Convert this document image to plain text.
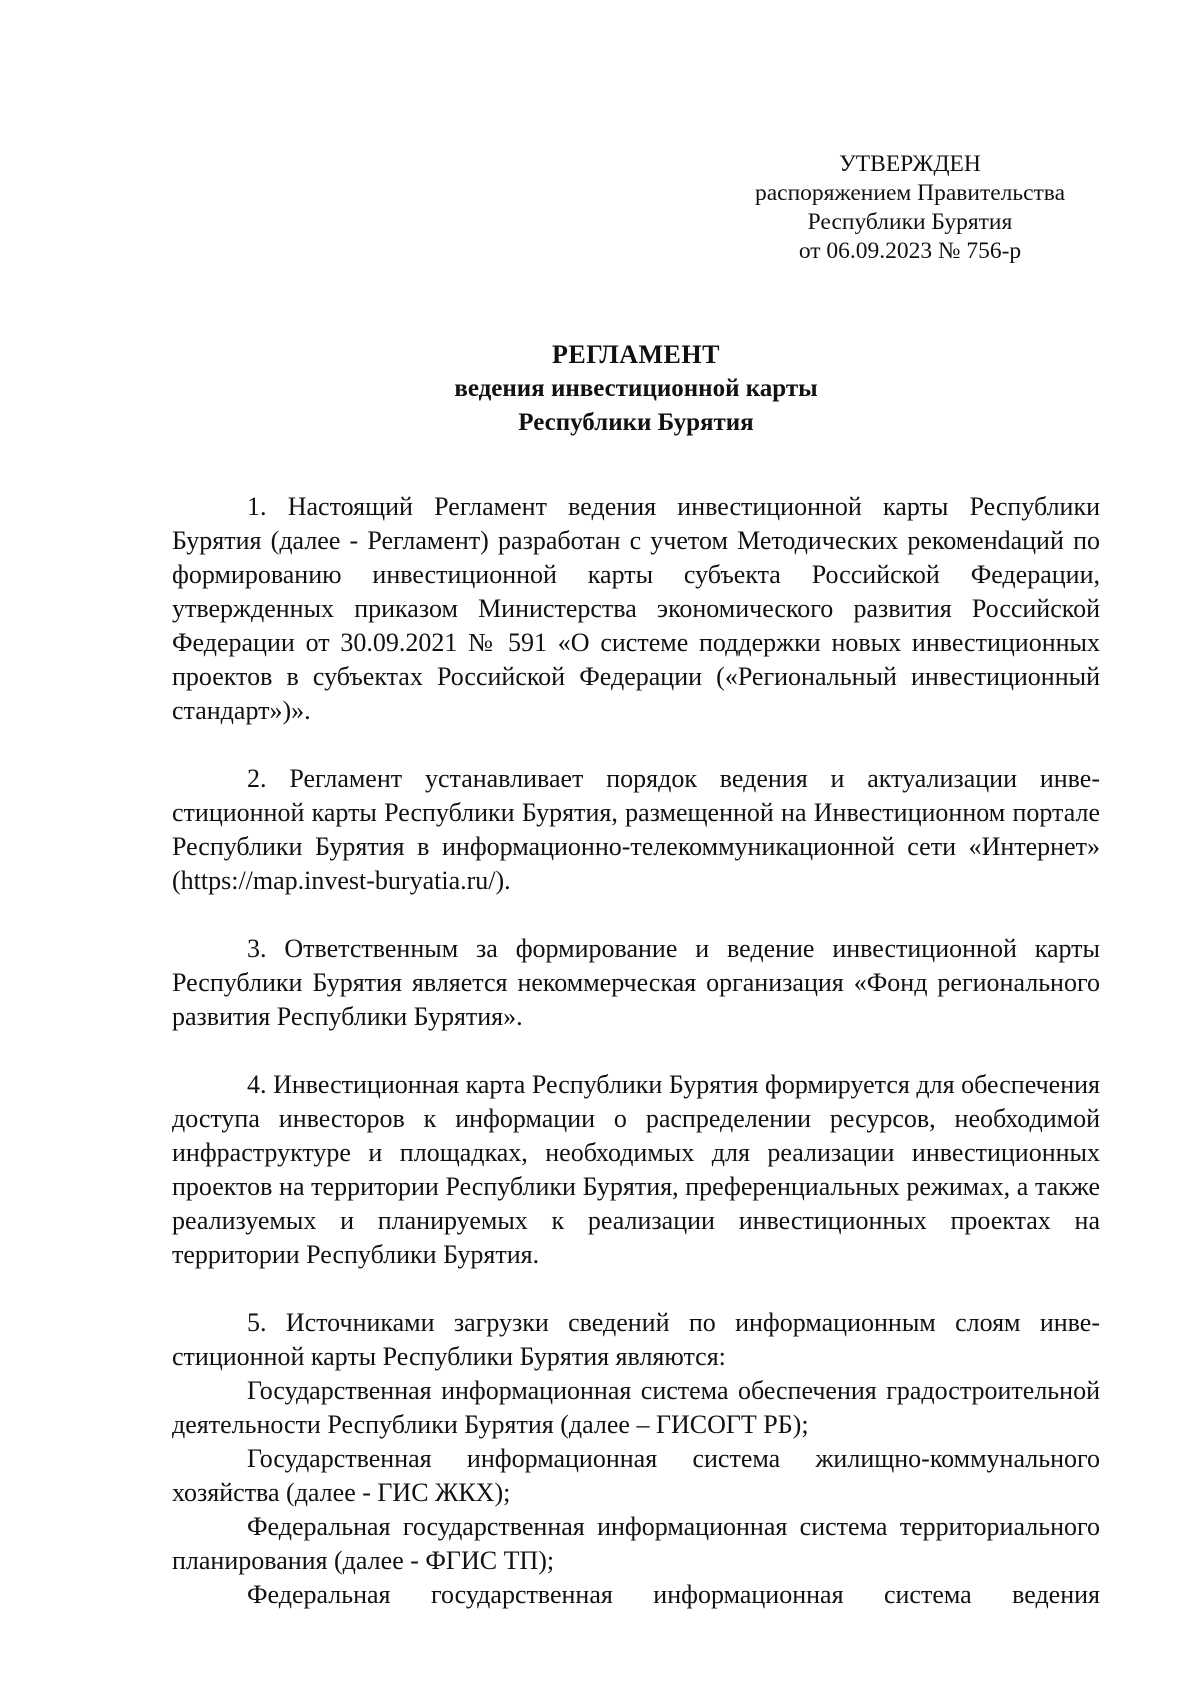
УТВЕРЖДЕН
распоряжением Правительства
Республики Бурятия
от 06.09.2023 № 756-р
РЕГЛАМЕНТ
ведения инвестиционной карты
Республики Бурятия

1. Настоящий Регламент ведения инвестиционной карты Республики Бурятия (далее - Регламент) разработан с учетом Методических рекоменdаций по формированию инвестиционной карты субъекта Российской Федерации, утвержденных приказом Министерства экономического развития Российской Федерации от 30.09.2021 № 591 «О системе поддержки новых инвестиционных проектов в субъектах Российской Федерации («Региональный инвестиционный стандарт»)».

2. Регламент устанавливает порядок ведения и актуализации инвестиционной карты Республики Бурятия, размещенной на Инвестиционном портале Республики Бурятия в информационно-телекоммуникационной сети «Интернет» (https://map.invest-buryatia.ru/).

3. Ответственным за формирование и ведение инвестиционной карты Республики Бурятия является некоммерческая организация «Фонд регионального развития Республики Бурятия».

4. Инвестиционная карта Республики Бурятия формируется для обеспечения доступа инвесторов к информации о распределении ресурсов, необходимой инфраструктуре и площадках, необходимых для реализации инвестиционных проектов на территории Республики Бурятия, преференциальных режимах, а также реализуемых и планируемых к реализации инвестиционных проектах на территории Республики Бурятия.

5. Источниками загрузки сведений по информационным слоям инвестиционной карты Республики Бурятия являются:

Государственная информационная система обеспечения градостроительной деятельности Республики Бурятия (далее – ГИСОГТ РБ);

Государственная информационная система жилищно-коммунального хозяйства (далее - ГИС ЖКХ);

Федеральная государственная информационная система территориального планирования (далее - ФГИС ТП);

Федеральная государственная информационная система ведения
